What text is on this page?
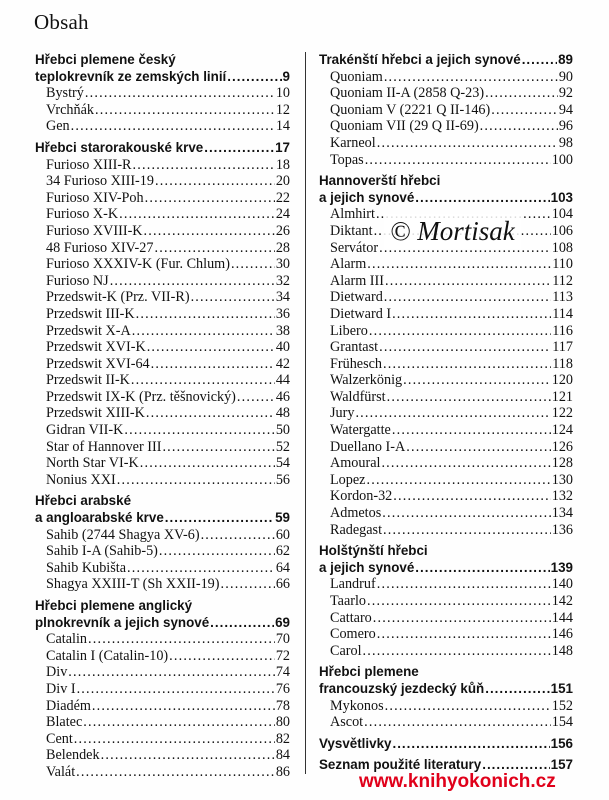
Obsah
Hřebci plemene český
teplokrevník ze zemských linií .....	9
Bystrý .....	10
Vrchňák .....	12
Gen .....	14
Hřebci starorakouské krve .....	17
Furioso XIII-R .....	18
34 Furioso XIII-19 .....	20
Furioso XIV-Poh .....	22
Furioso X-K .....	24
Furioso XVIII-K .....	26
48 Furioso XIV-27 .....	28
Furioso XXXIV-K (Fur. Chlum) .....	30
Furioso NJ .....	32
Przedswit-K (Prz. VII-R) .....	34
Przedswit III-K .....	36
Przedswit X-A .....	38
Przedswit XVI-K .....	40
Przedswit XVI-64 .....	42
Przedswit II-K .....	44
Przedswit IX-K (Prz. těšnovický) .....	46
Przedswit XIII-K .....	48
Gidran VII-K .....	50
Star of Hannover III .....	52
North Star VI-K .....	54
Nonius XXI .....	56
Hřebci arabské
a angloarabské krve .....	59
Sahib (2744 Shagya XV-6) .....	60
Sahib I-A (Sahib-5) .....	62
Sahib Kubišta .....	64
Shagya XXIII-T (Sh XXII-19) .....	66
Hřebci plemene anglický
plnokrevník a jejich synové .....	69
Catalin .....	70
Catalin I (Catalin-10) .....	72
Div .....	74
Div I .....	76
Diadém .....	78
Blatec .....	80
Cent .....	82
Belendek .....	84
Valát .....	86
Trakénští hřebci a jejich synové .....	89
Quoniam .....	90
Quoniam II-A (2858 Q-23) .....	92
Quoniam V (2221 Q II-146) .....	94
Quoniam VII (29 Q II-69) .....	96
Karneol .....	98
Topas .....	100
Hannoverští hřebci
a jejich synové .....	103
Almhirt .....	104
Diktant .....	106
Servátor .....	108
Alarm .....	110
Alarm III .....	112
Dietward .....	113
Dietward I .....	114
Libero .....	116
Grantast .....	117
Frühesch .....	118
Walzerkönig .....	120
Waldfürst .....	121
Jury .....	122
Watergatte .....	124
Duellano I-A .....	126
Amoural .....	128
Lopez .....	130
Kordon-32 .....	132
Admetos .....	134
Radegast .....	136
Holštýnští hřebci
a jejich synové .....	139
Landruf .....	140
Taarlo .....	142
Cattaro .....	144
Comero .....	146
Carol .....	148
Hřebci plemene
francouzský jezdecký kůň .....	151
Mykonos .....	152
Ascot .....	154
Vysvětlivky .....	156
Seznam použité literatury .....	157
© Mortisak
www.knihyokonich.cz
